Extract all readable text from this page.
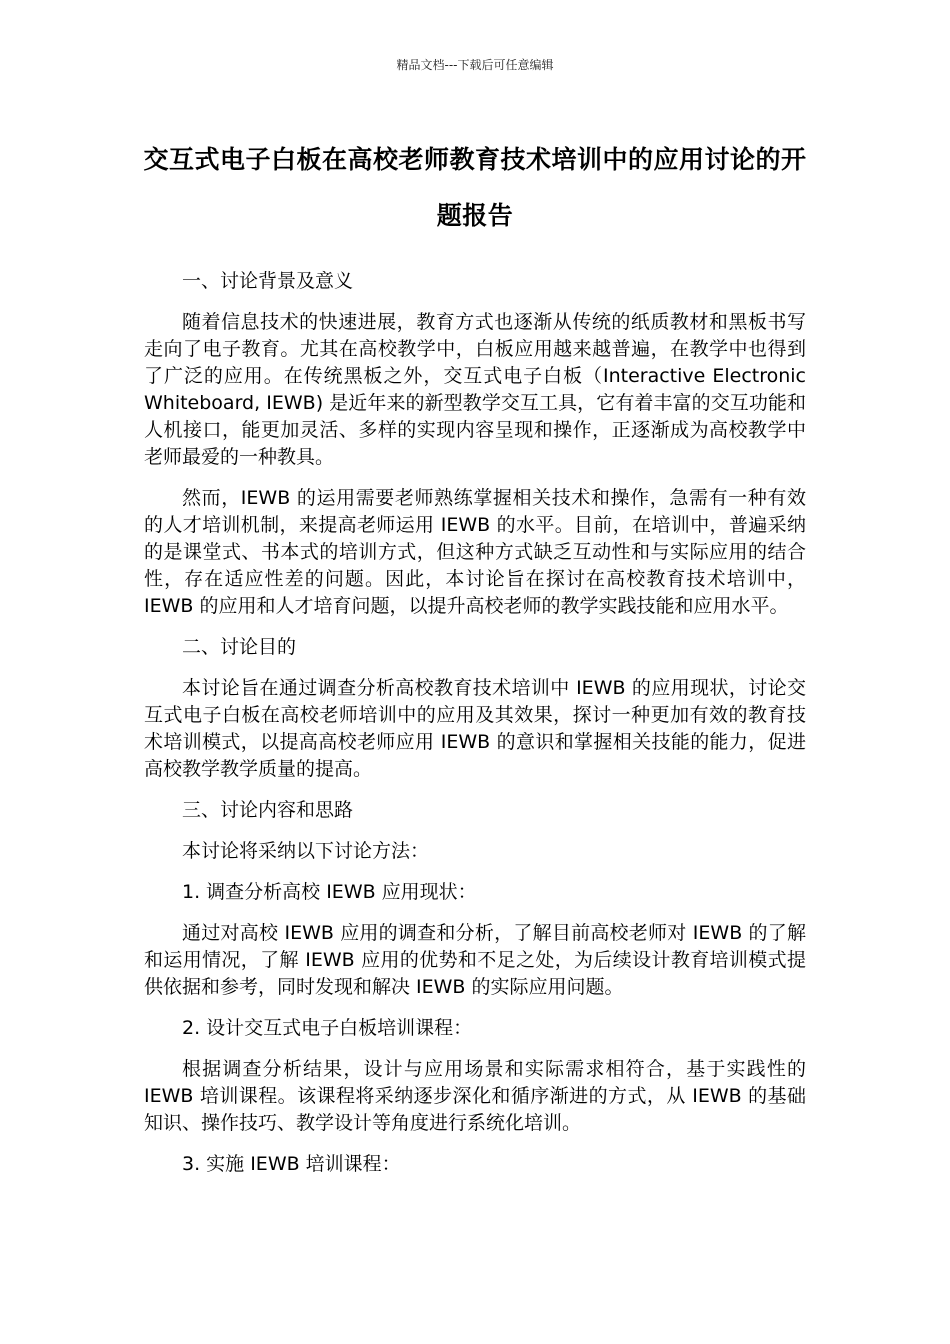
精品文档---下载后可任意编辑
交互式电子白板在高校老师教育技术培训中的应用讨论的开题报告

一、讨论背景及意义

随着信息技术的快速进展，教育方式也逐渐从传统的纸质教材和黑板书写走向了电子教育。尤其在高校教学中，白板应用越来越普遍，在教学中也得到了广泛的应用。在传统黑板之外，交互式电子白板（Interactive Electronic Whiteboard, IEWB) 是近年来的新型教学交互工具，它有着丰富的交互功能和人机接口，能更加灵活、多样的实现内容呈现和操作，正逐渐成为高校教学中老师最爱的一种教具。

然而，IEWB 的运用需要老师熟练掌握相关技术和操作，急需有一种有效的人才培训机制，来提高老师运用 IEWB 的水平。目前，在培训中，普遍采纳的是课堂式、书本式的培训方式，但这种方式缺乏互动性和与实际应用的结合性，存在适应性差的问题。因此，本讨论旨在探讨在高校教育技术培训中，IEWB 的应用和人才培育问题，以提升高校老师的教学实践技能和应用水平。

二、讨论目的

本讨论旨在通过调查分析高校教育技术培训中 IEWB 的应用现状，讨论交互式电子白板在高校老师培训中的应用及其效果，探讨一种更加有效的教育技术培训模式，以提高高校老师应用 IEWB 的意识和掌握相关技能的能力，促进高校教学教学质量的提高。

三、讨论内容和思路

本讨论将采纳以下讨论方法：

1. 调查分析高校 IEWB 应用现状：

通过对高校 IEWB 应用的调查和分析，了解目前高校老师对 IEWB 的了解和运用情况，了解 IEWB 应用的优势和不足之处，为后续设计教育培训模式提供依据和参考，同时发现和解决 IEWB 的实际应用问题。

2. 设计交互式电子白板培训课程：

根据调查分析结果，设计与应用场景和实际需求相符合，基于实践性的 IEWB 培训课程。该课程将采纳逐步深化和循序渐进的方式，从 IEWB 的基础知识、操作技巧、教学设计等角度进行系统化培训。

3. 实施 IEWB 培训课程：
